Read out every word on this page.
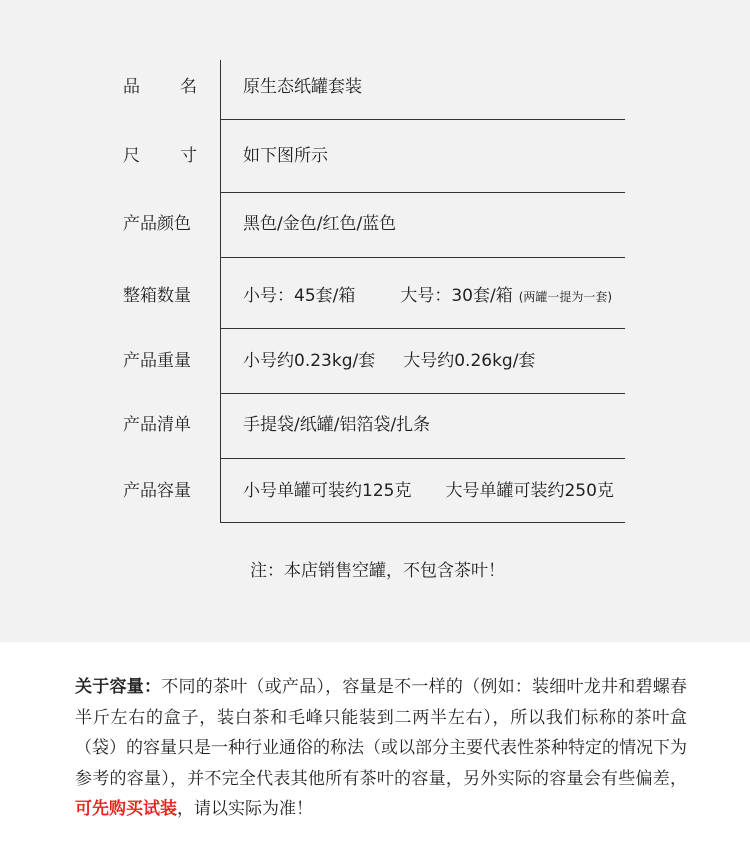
品 名	原生态纸罐套装
尺 寸	如下图所示
产品颜色	黑色/金色/红色/蓝色
整箱数量	小号：45套/箱	大号：30套/箱 (两罐一提为一套)
产品重量	小号约0.23kg/套 大号约0.26kg/套
产品清单	手提袋/纸罐/铝箔袋/扎条
产品容量	小号单罐可装约125克 大号单罐可装约250克
注：本店销售空罐，不包含茶叶！
关于容量：不同的茶叶（或产品），容量是不一样的（例如：装细叶龙井和碧螺春半斤左右的盒子，装白茶和毛峰只能装到二两半左右），所以我们标称的茶叶盒（袋）的容量只是一种行业通俗的称法（或以部分主要代表性茶种特定的情况下为参考的容量），并不完全代表其他所有茶叶的容量，另外实际的容量会有些偏差，可先购买试装，请以实际为准！
